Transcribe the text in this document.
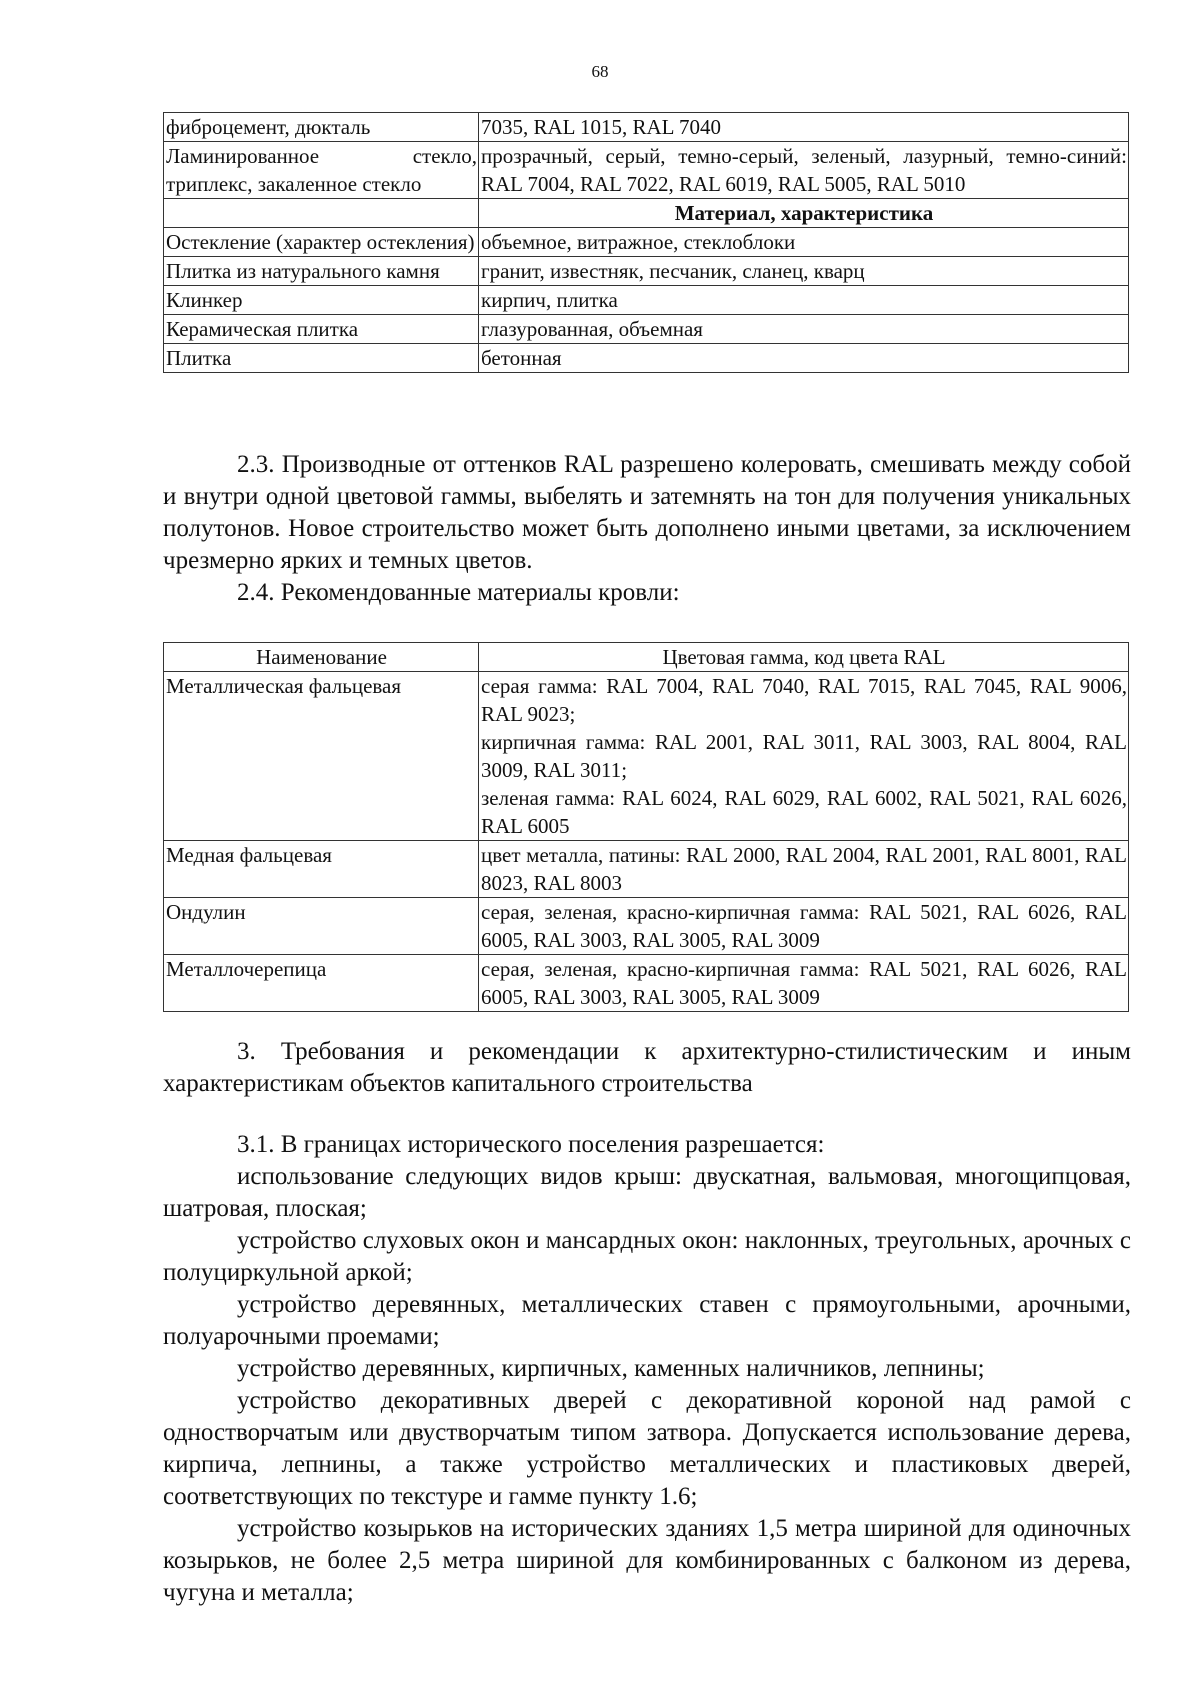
68
фиброцемент, дюкталь	7035, RAL 1015, RAL 7040
Ламинированное стекло, триплекс, закаленное стекло	прозрачный, серый, темно-серый, зеленый, лазурный, темно-синий: RAL 7004, RAL 7022, RAL 6019, RAL 5005, RAL 5010
	Материал, характеристика
Остекление (характер остекления)	объемное, витражное, стеклоблоки
Плитка из натурального камня	гранит, известняк, песчаник, сланец, кварц
Клинкер	кирпич, плитка
Керамическая плитка	глазурованная, объемная
Плитка	бетонная

2.3. Производные от оттенков RAL разрешено колеровать, смешивать между собой и внутри одной цветовой гаммы, выбелять и затемнять на тон для получения уникальных полутонов. Новое строительство может быть дополнено иными цветами, за исключением чрезмерно ярких и темных цветов.

2.4. Рекомендованные материалы кровли:

Наименование	Цветовая гамма, код цвета RAL
Металлическая фальцевая	серая гамма: RAL 7004, RAL 7040, RAL 7015, RAL 7045, RAL 9006, RAL 9023;
кирпичная гамма: RAL 2001, RAL 3011, RAL 3003, RAL 8004, RAL 3009, RAL 3011;
зеленая гамма: RAL 6024, RAL 6029, RAL 6002, RAL 5021, RAL 6026, RAL 6005

Медная фальцевая	цвет металла, патины: RAL 2000, RAL 2004, RAL 2001, RAL 8001, RAL 8023, RAL 8003
Ондулин	серая, зеленая, красно-кирпичная гамма: RAL 5021, RAL 6026, RAL 6005, RAL 3003, RAL 3005, RAL 3009
Металлочерепица	серая, зеленая, красно-кирпичная гамма: RAL 5021, RAL 6026, RAL 6005, RAL 3003, RAL 3005, RAL 3009

3. Требования и рекомендации к архитектурно-стилистическим и иным характеристикам объектов капитального строительства

3.1. В границах исторического поселения разрешается:

использование следующих видов крыш: двускатная, вальмовая, многощипцовая, шатровая, плоская;

устройство слуховых окон и мансардных окон: наклонных, треугольных, арочных с полуциркульной аркой;

устройство деревянных, металлических ставен с прямоугольными, арочными, полуарочными проемами;

устройство деревянных, кирпичных, каменных наличников, лепнины;

устройство декоративных дверей с декоративной короной над рамой с одностворчатым или двустворчатым типом затвора. Допускается использование дерева, кирпича, лепнины, а также устройство металлических и пластиковых дверей, соответствующих по текстуре и гамме пункту 1.6;

устройство козырьков на исторических зданиях 1,5 метра шириной для одиночных козырьков, не более 2,5 метра шириной для комбинированных с балконом из дерева, чугуна и металла;
